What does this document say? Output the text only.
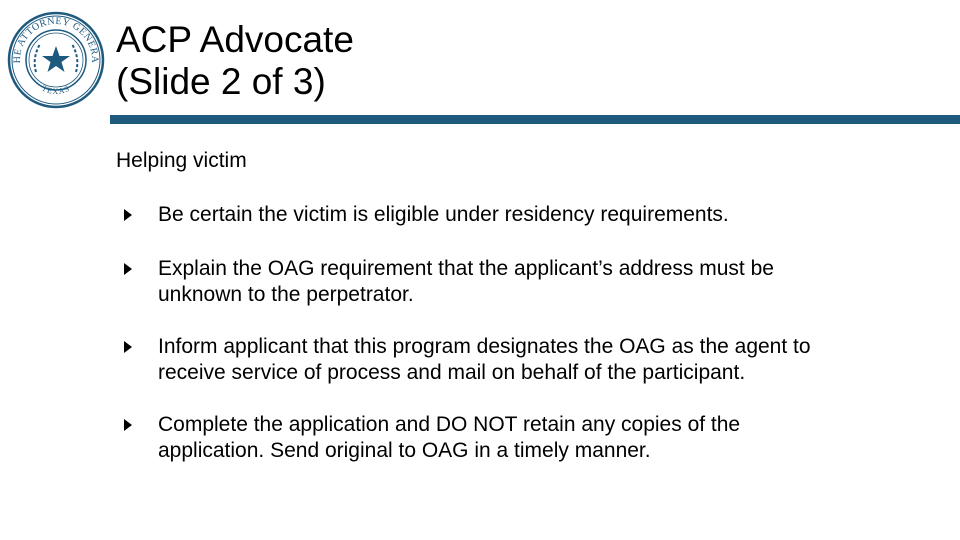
HE ATTORNEY GENERA
TEXAS
ACP Advocate
(Slide 2 of 3)
Helping victim
Be certain the victim is eligible under residency requirements.
Explain the OAG requirement that the applicant’s address must be unknown to the perpetrator.
Inform applicant that this program designates the OAG as the agent to receive service of process and mail on behalf of the participant.
Complete the application and DO NOT retain any copies of the application. Send original to OAG in a timely manner.
